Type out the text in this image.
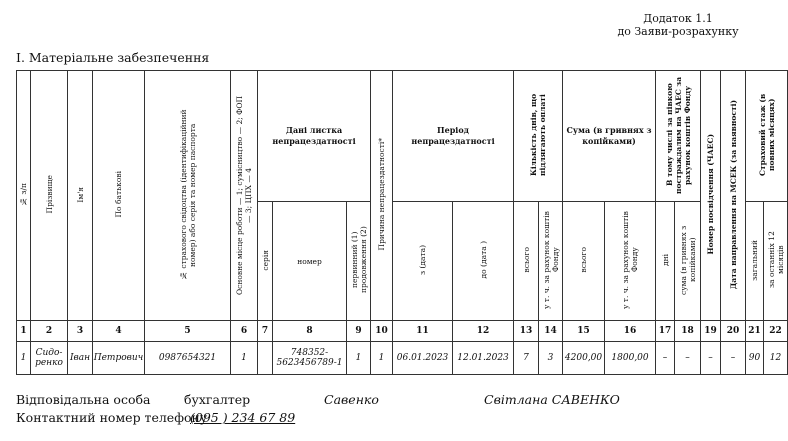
Додаток 1.1
до Заяви-розрахунку
І. Матеріальне забезпечення
№ з/п	Прізвище	Ім'я	По батькові	№ страхового свідоцтва (ідентифікаційний номер) або серія та номер паспорта	Основне місце роботи — 1; сумісництво — 2; ФОП — 3; ЦПХ — 4	Дані листка непрацездатності			Причина непрацездатності*	Період непрацездатності		Кількість днів, що підлягають оплаті		Сума (в гривнях з копійками)		В тому числі за півкою постраждалим на ЧАЕС за рахунок коштів Фонду		Номер посвідчення (ЧАЕС)	Дата направлення на МСЕК (за наявності)	Страховий стаж (в повних місяцях)	
						серія	номер	первинний (1) продовження (2)		з (дата)	до (дата )	всього	у т. ч. за рахунок коштів Фонду	всього	у т. ч. за рахунок коштів Фонду	дні	сума (в гривнях з копійками)			загальний	за останніх 12 місяців
1	2	3	4	5	6	7	8	9	10	11	12	13	14	15	16	17	18	19	20	21	22
1	Сидо-ренко	Іван	Петрович	0987654321	1		748352-5623456789-1	1	1	06.01.2023	12.01.2023	7	3	4200,00	1800,00	–	–	–	–	90	12
Відповідальна особа	бухгалтер	Савенко	Світлана САВЕНКО
Контактний номер телефону
(095 ) 234 67 89
